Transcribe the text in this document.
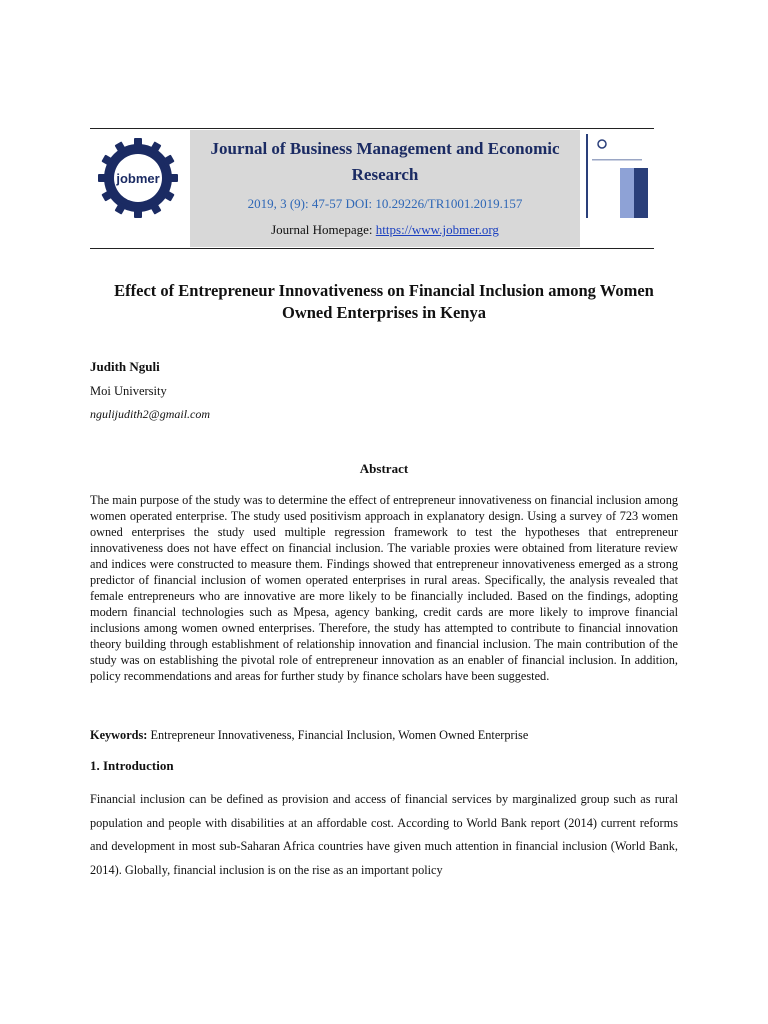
jobmer

Journal of Business Management and Economic Research

2019, 3 (9): 47-57 DOI: 10.29226/TR1001.2019.157
Journal Homepage: https://www.jobmer.org
Effect of Entrepreneur Innovativeness on Financial Inclusion among Women Owned Enterprises in Kenya
Judith Nguli
Moi University
ngulijudith2@gmail.com
Abstract

The main purpose of the study was to determine the effect of entrepreneur innovativeness on financial inclusion among women operated enterprise. The study used positivism approach in explanatory design. Using a survey of 723 women owned enterprises the study used multiple regression framework to test the hypotheses that entrepreneur innovativeness does not have effect on financial inclusion. The variable proxies were obtained from literature review and indices were constructed to measure them. Findings showed that entrepreneur innovativeness emerged as a strong predictor of financial inclusion of women operated enterprises in rural areas. Specifically, the analysis revealed that female entrepreneurs who are innovative are more likely to be financially included. Based on the findings, adopting modern financial technologies such as Mpesa, agency banking, credit cards are more likely to improve financial inclusions among women owned enterprises. Therefore, the study has attempted to contribute to financial innovation theory building through establishment of relationship innovation and financial inclusion. The main contribution of the study was on establishing the pivotal role of entrepreneur innovation as an enabler of financial inclusion. In addition, policy recommendations and areas for further study by finance scholars have been suggested.

Keywords: Entrepreneur Innovativeness, Financial Inclusion, Women Owned Enterprise
1. Introduction

Financial inclusion can be defined as provision and access of financial services by marginalized group such as rural population and people with disabilities at an affordable cost. According to World Bank report (2014) current reforms and development in most sub-Saharan Africa countries have given much attention in financial inclusion (World Bank, 2014). Globally, financial inclusion is on the rise as an important policy
